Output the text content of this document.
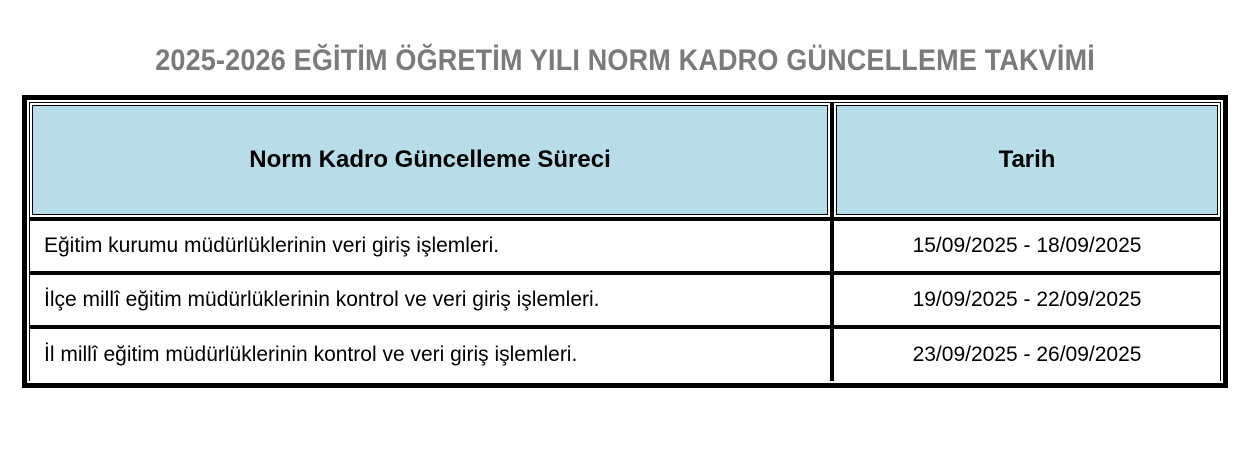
2025-2026 EĞİTİM ÖĞRETİM YILI NORM KADRO GÜNCELLEME TAKVİMİ
Norm Kadro Güncelleme Süreci	Tarih

Eğitim kurumu müdürlüklerinin veri giriş işlemleri.	15/09/2025 - 18/09/2025
İlçe millî eğitim müdürlüklerinin kontrol ve veri giriş işlemleri.	19/09/2025 - 22/09/2025
İl millî eğitim müdürlüklerinin kontrol ve veri giriş işlemleri.	23/09/2025 - 26/09/2025
